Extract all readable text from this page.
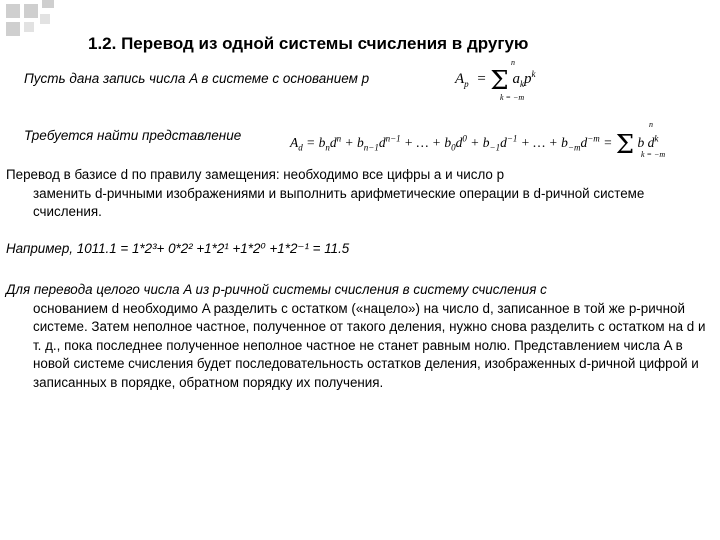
1.2. Перевод из одной системы счисления в другую
Пусть дана запись числа A в системе с основанием p	$A_p = \Sigma$ $a_kp^k$
n
k = −m
Требуется найти представление	$A_d = b_nd^n + b_{n-1}d^{n-1}$ + … + $b_0d^0 + b_{-1}d^{-1}$ + … + $b_{-m}d^{-m} = \Sigma$ b $d^k$
n
k = −m
Перевод в базисе d по правилу замещения: необходимо все цифры a и число p
заменить d-ричными изображениями и выполнить арифметические операции в d-ричной системе счисления.
Например, 1011.1 = 1*2³+ 0*2² +1*2¹ +1*2⁰ +1*2⁻¹ = 11.5
Для перевода целого числа A из p-ричной системы счисления в систему счисления с
основанием d необходимо A разделить с остатком («нацело») на число d, записанное в той же p-ричной системе. Затем неполное частное, полученное от такого деления, нужно снова разделить с остатком на d и т. д., пока последнее полученное неполное частное не станет равным нолю. Представлением числа A в новой системе счисления будет последовательность остатков деления, изображенных d-ричной цифрой и записанных в порядке, обратном порядку их получения.
